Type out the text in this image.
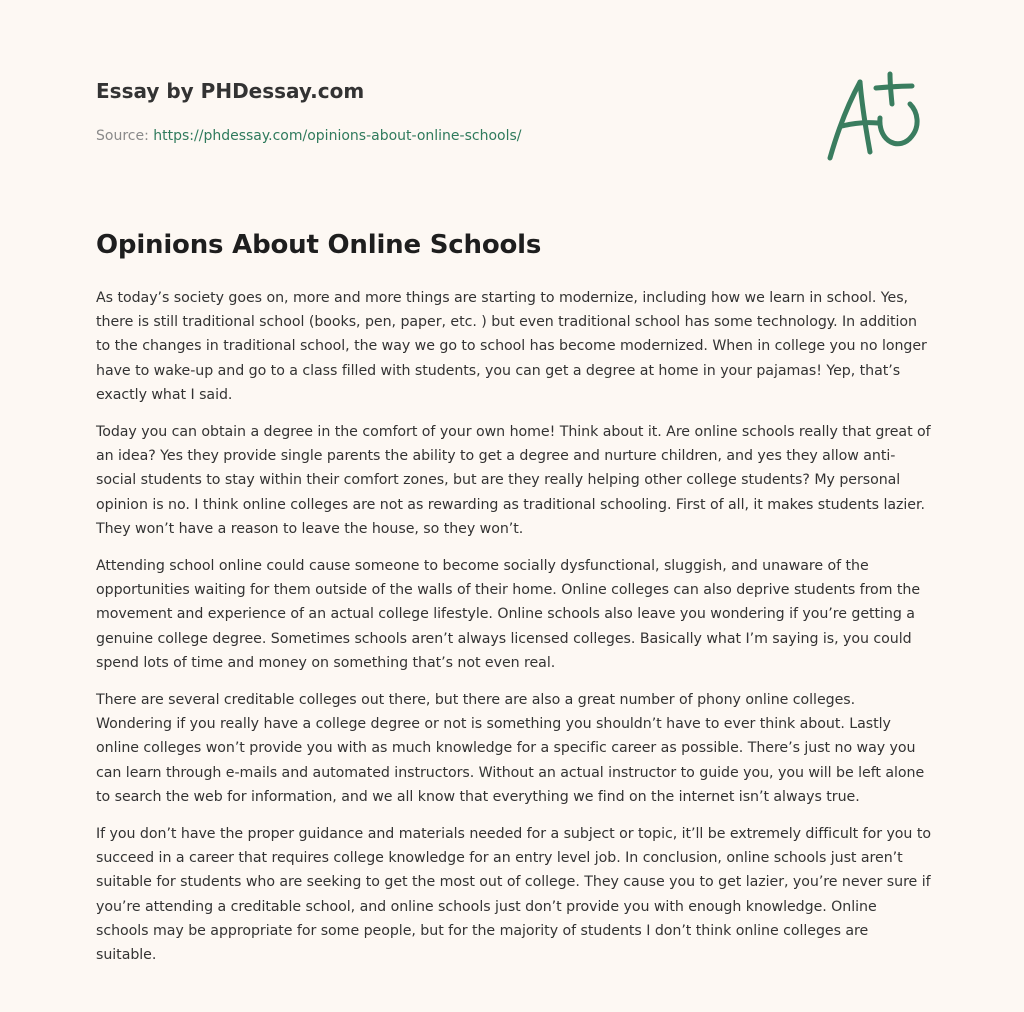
Essay by PHDessay.com
Source: https://phdessay.com/opinions-about-online-schools/
Opinions About Online Schools

As today’s society goes on, more and more things are starting to modernize, including how we learn in school. Yes, there is still traditional school (books, pen, paper, etc. ) but even traditional school has some technology. In addition to the changes in traditional school, the way we go to school has become modernized. When in college you no longer have to wake-up and go to a class filled with students, you can get a degree at home in your pajamas! Yep, that’s exactly what I said.

Today you can obtain a degree in the comfort of your own home! Think about it. Are online schools really that great of an idea? Yes they provide single parents the ability to get a degree and nurture children, and yes they allow anti-social students to stay within their comfort zones, but are they really helping other college students? My personal opinion is no. I think online colleges are not as rewarding as traditional schooling. First of all, it makes students lazier. They won’t have a reason to leave the house, so they won’t.

Attending school online could cause someone to become socially dysfunctional, sluggish, and unaware of the opportunities waiting for them outside of the walls of their home. Online colleges can also deprive students from the movement and experience of an actual college lifestyle. Online schools also leave you wondering if you’re getting a genuine college degree. Sometimes schools aren’t always licensed colleges. Basically what I’m saying is, you could spend lots of time and money on something that’s not even real.

There are several creditable colleges out there, but there are also a great number of phony online colleges. Wondering if you really have a college degree or not is something you shouldn’t have to ever think about. Lastly online colleges won’t provide you with as much knowledge for a specific career as possible. There’s just no way you can learn through e-mails and automated instructors. Without an actual instructor to guide you, you will be left alone to search the web for information, and we all know that everything we find on the internet isn’t always true.

If you don’t have the proper guidance and materials needed for a subject or topic, it’ll be extremely difficult for you to succeed in a career that requires college knowledge for an entry level job. In conclusion, online schools just aren’t suitable for students who are seeking to get the most out of college. They cause you to get lazier, you’re never sure if you’re attending a creditable school, and online schools just don’t provide you with enough knowledge. Online schools may be appropriate for some people, but for the majority of students I don’t think online colleges are suitable.
